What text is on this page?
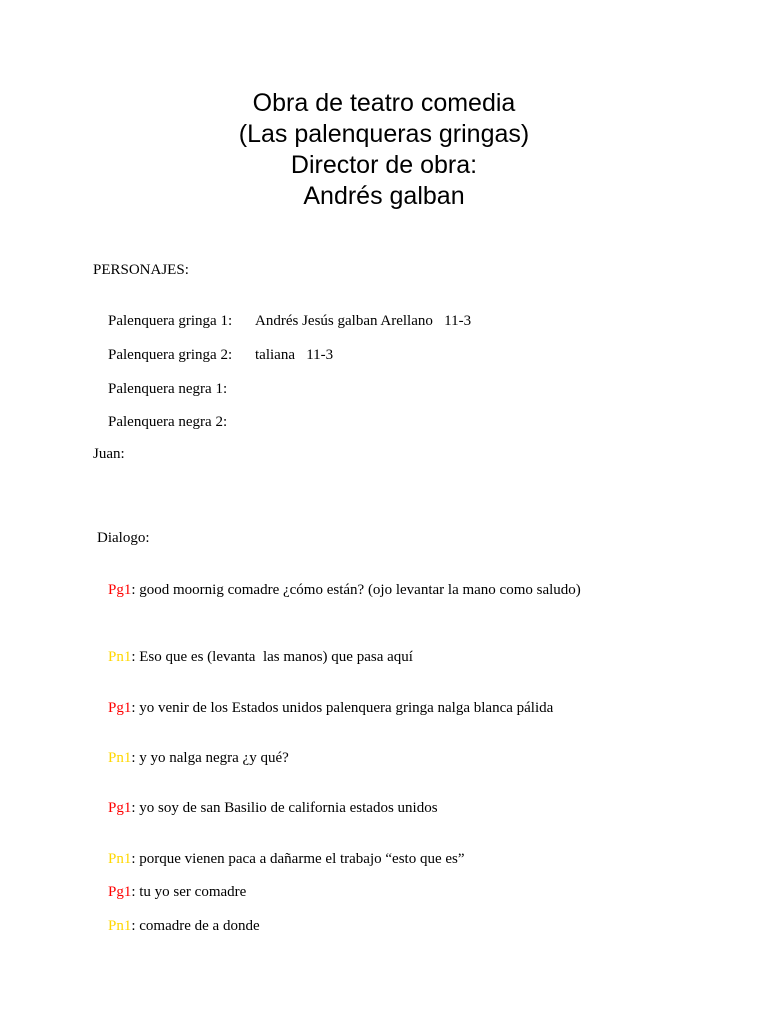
Obra de teatro comedia
(Las palenqueras gringas)
Director de obra:
Andrés galban
PERSONAJES:

Palenquera gringa 1: Andrés Jesús galban Arellano   11-3

Palenquera gringa 2: taliana   11-3

Palenquera negra 1:

Palenquera negra 2:

Juan:
Dialogo:

Pg1: good moornig comadre ¿cómo están? (ojo levantar la mano como saludo)

Pn1: Eso que es (levanta  las manos) que pasa aquí

Pg1: yo venir de los Estados unidos palenquera gringa nalga blanca pálida

Pn1: y yo nalga negra ¿y qué?

Pg1: yo soy de san Basilio de california estados unidos

Pn1: porque vienen paca a dañarme el trabajo “esto que es”

Pg1: tu yo ser comadre

Pn1: comadre de a donde
